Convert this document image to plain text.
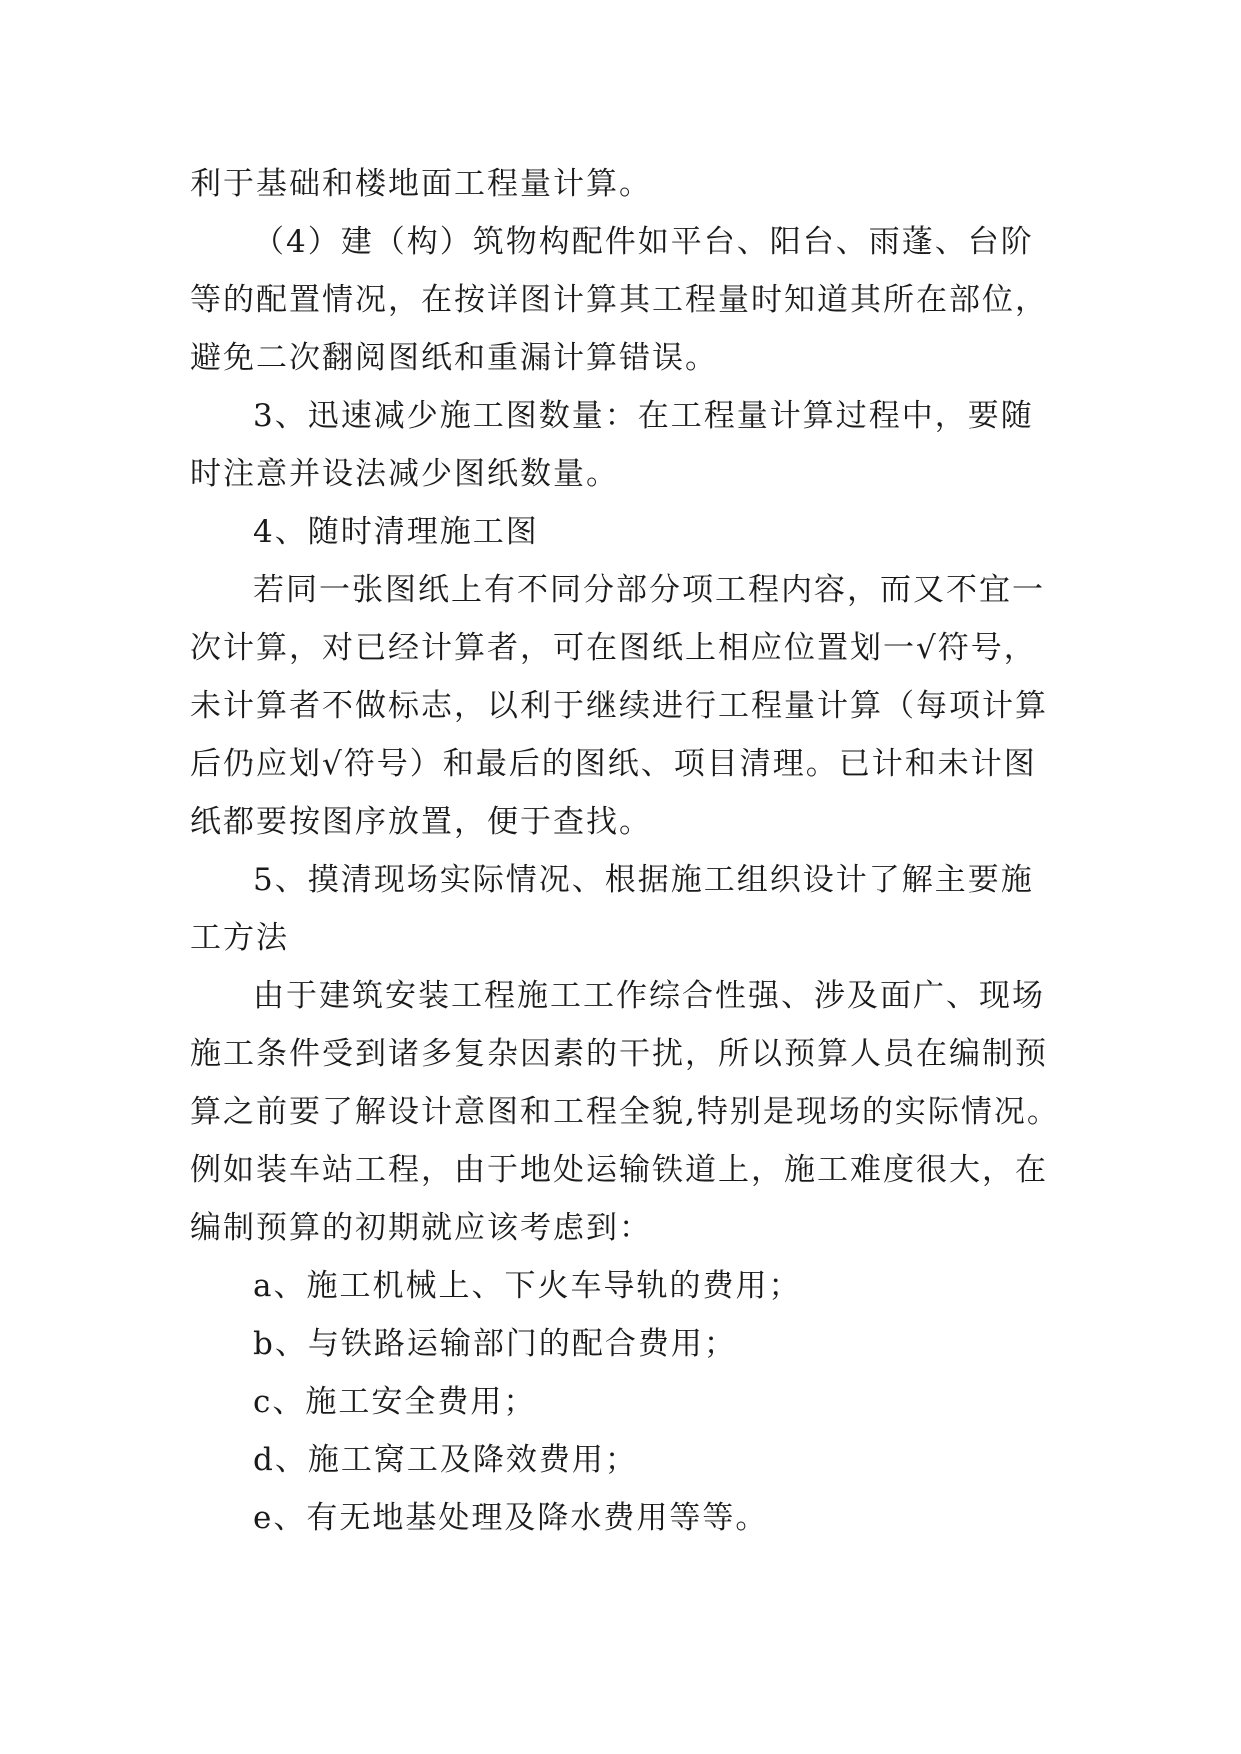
利于基础和楼地面工程量计算。
（4）建（构）筑物构配件如平台、阳台、雨蓬、台阶
等的配置情况，在按详图计算其工程量时知道其所在部位，
避免二次翻阅图纸和重漏计算错误。
3、迅速减少施工图数量：在工程量计算过程中，要随
时注意并设法减少图纸数量。
4、随时清理施工图
若同一张图纸上有不同分部分项工程内容，而又不宜一
次计算，对已经计算者，可在图纸上相应位置划一√符号，
未计算者不做标志，以利于继续进行工程量计算（每项计算
后仍应划√符号）和最后的图纸、项目清理。已计和未计图
纸都要按图序放置，便于查找。
5、摸清现场实际情况、根据施工组织设计了解主要施
工方法
由于建筑安装工程施工工作综合性强、涉及面广、现场
施工条件受到诸多复杂因素的干扰，所以预算人员在编制预
算之前要了解设计意图和工程全貌,特别是现场的实际情况。
例如装车站工程，由于地处运输铁道上，施工难度很大，在
编制预算的初期就应该考虑到：
a、施工机械上、下火车导轨的费用；
b、与铁路运输部门的配合费用；
c、施工安全费用；
d、施工窝工及降效费用；
e、有无地基处理及降水费用等等。
